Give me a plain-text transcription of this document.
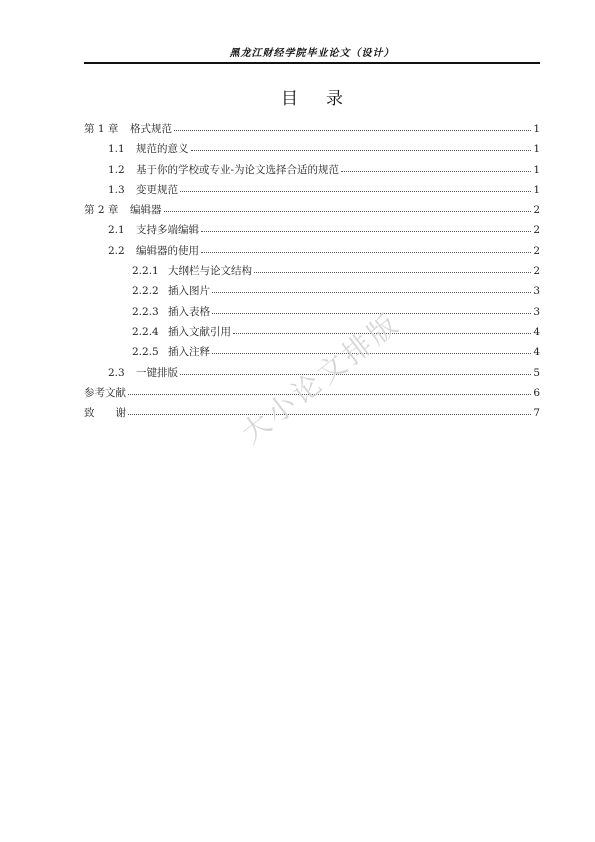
黑龙江财经学院毕业论文（设计）
目 录
第 1 章	格式规范	1
1.1	规范的意义	1
1.2	基于你的学校或专业-为论文选择合适的规范	1
1.3	变更规范	1
第 2 章	编辑器	2
2.1	支持多端编辑	2
2.2	编辑器的使用	2
2.2.1 大纲栏与论文结构	2
2.2.2 插入图片	3
2.2.3 插入表格	3
2.2.4 插入文献引用	4
2.2.5 插入注释	4
2.3	一键排版	5
参考文献	6
致　　谢	7
大小论文排版
